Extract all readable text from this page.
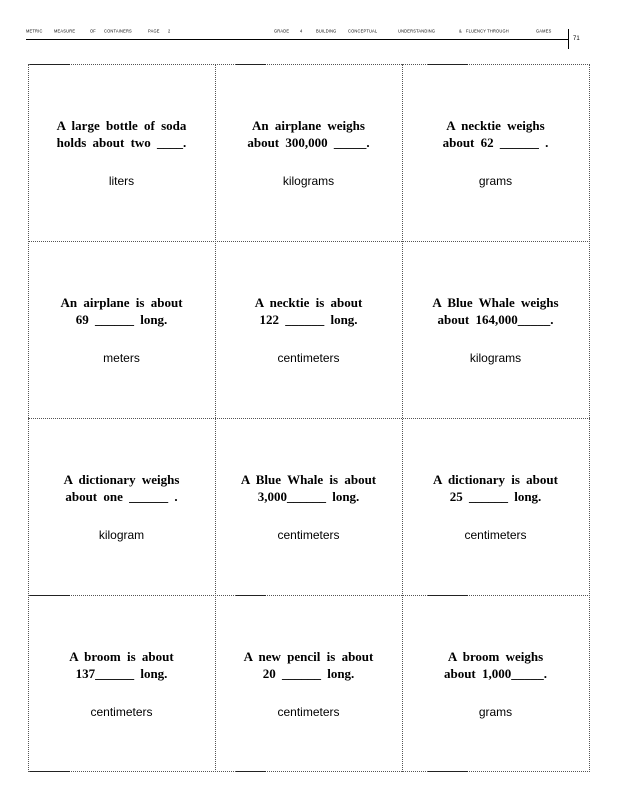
METRIC	MEASURE	OF CONTAINERS	PAGE 2	GRADE	4	BUILDING	CONCEPTUAL	UNDERSTANDING	& FLUENCY THROUGH	GAMES
71
A large bottle of soda
holds about two ____.
liters
An airplane weighs
about 300,000 _____.
kilograms
A necktie weighs
about 62 ______ .
grams
An airplane is about
69 ______ long.
meters
A necktie is about
122 ______ long.
centimeters
A Blue Whale weighs
about 164,000_____.
kilograms
A dictionary weighs
about one ______ .
kilogram
A Blue Whale is about
3,000______ long.
centimeters
A dictionary is about
25 ______ long.
centimeters
A broom is about
137______ long.
centimeters
A new pencil is about
20 ______ long.
centimeters
A broom weighs
about 1,000_____.
grams
